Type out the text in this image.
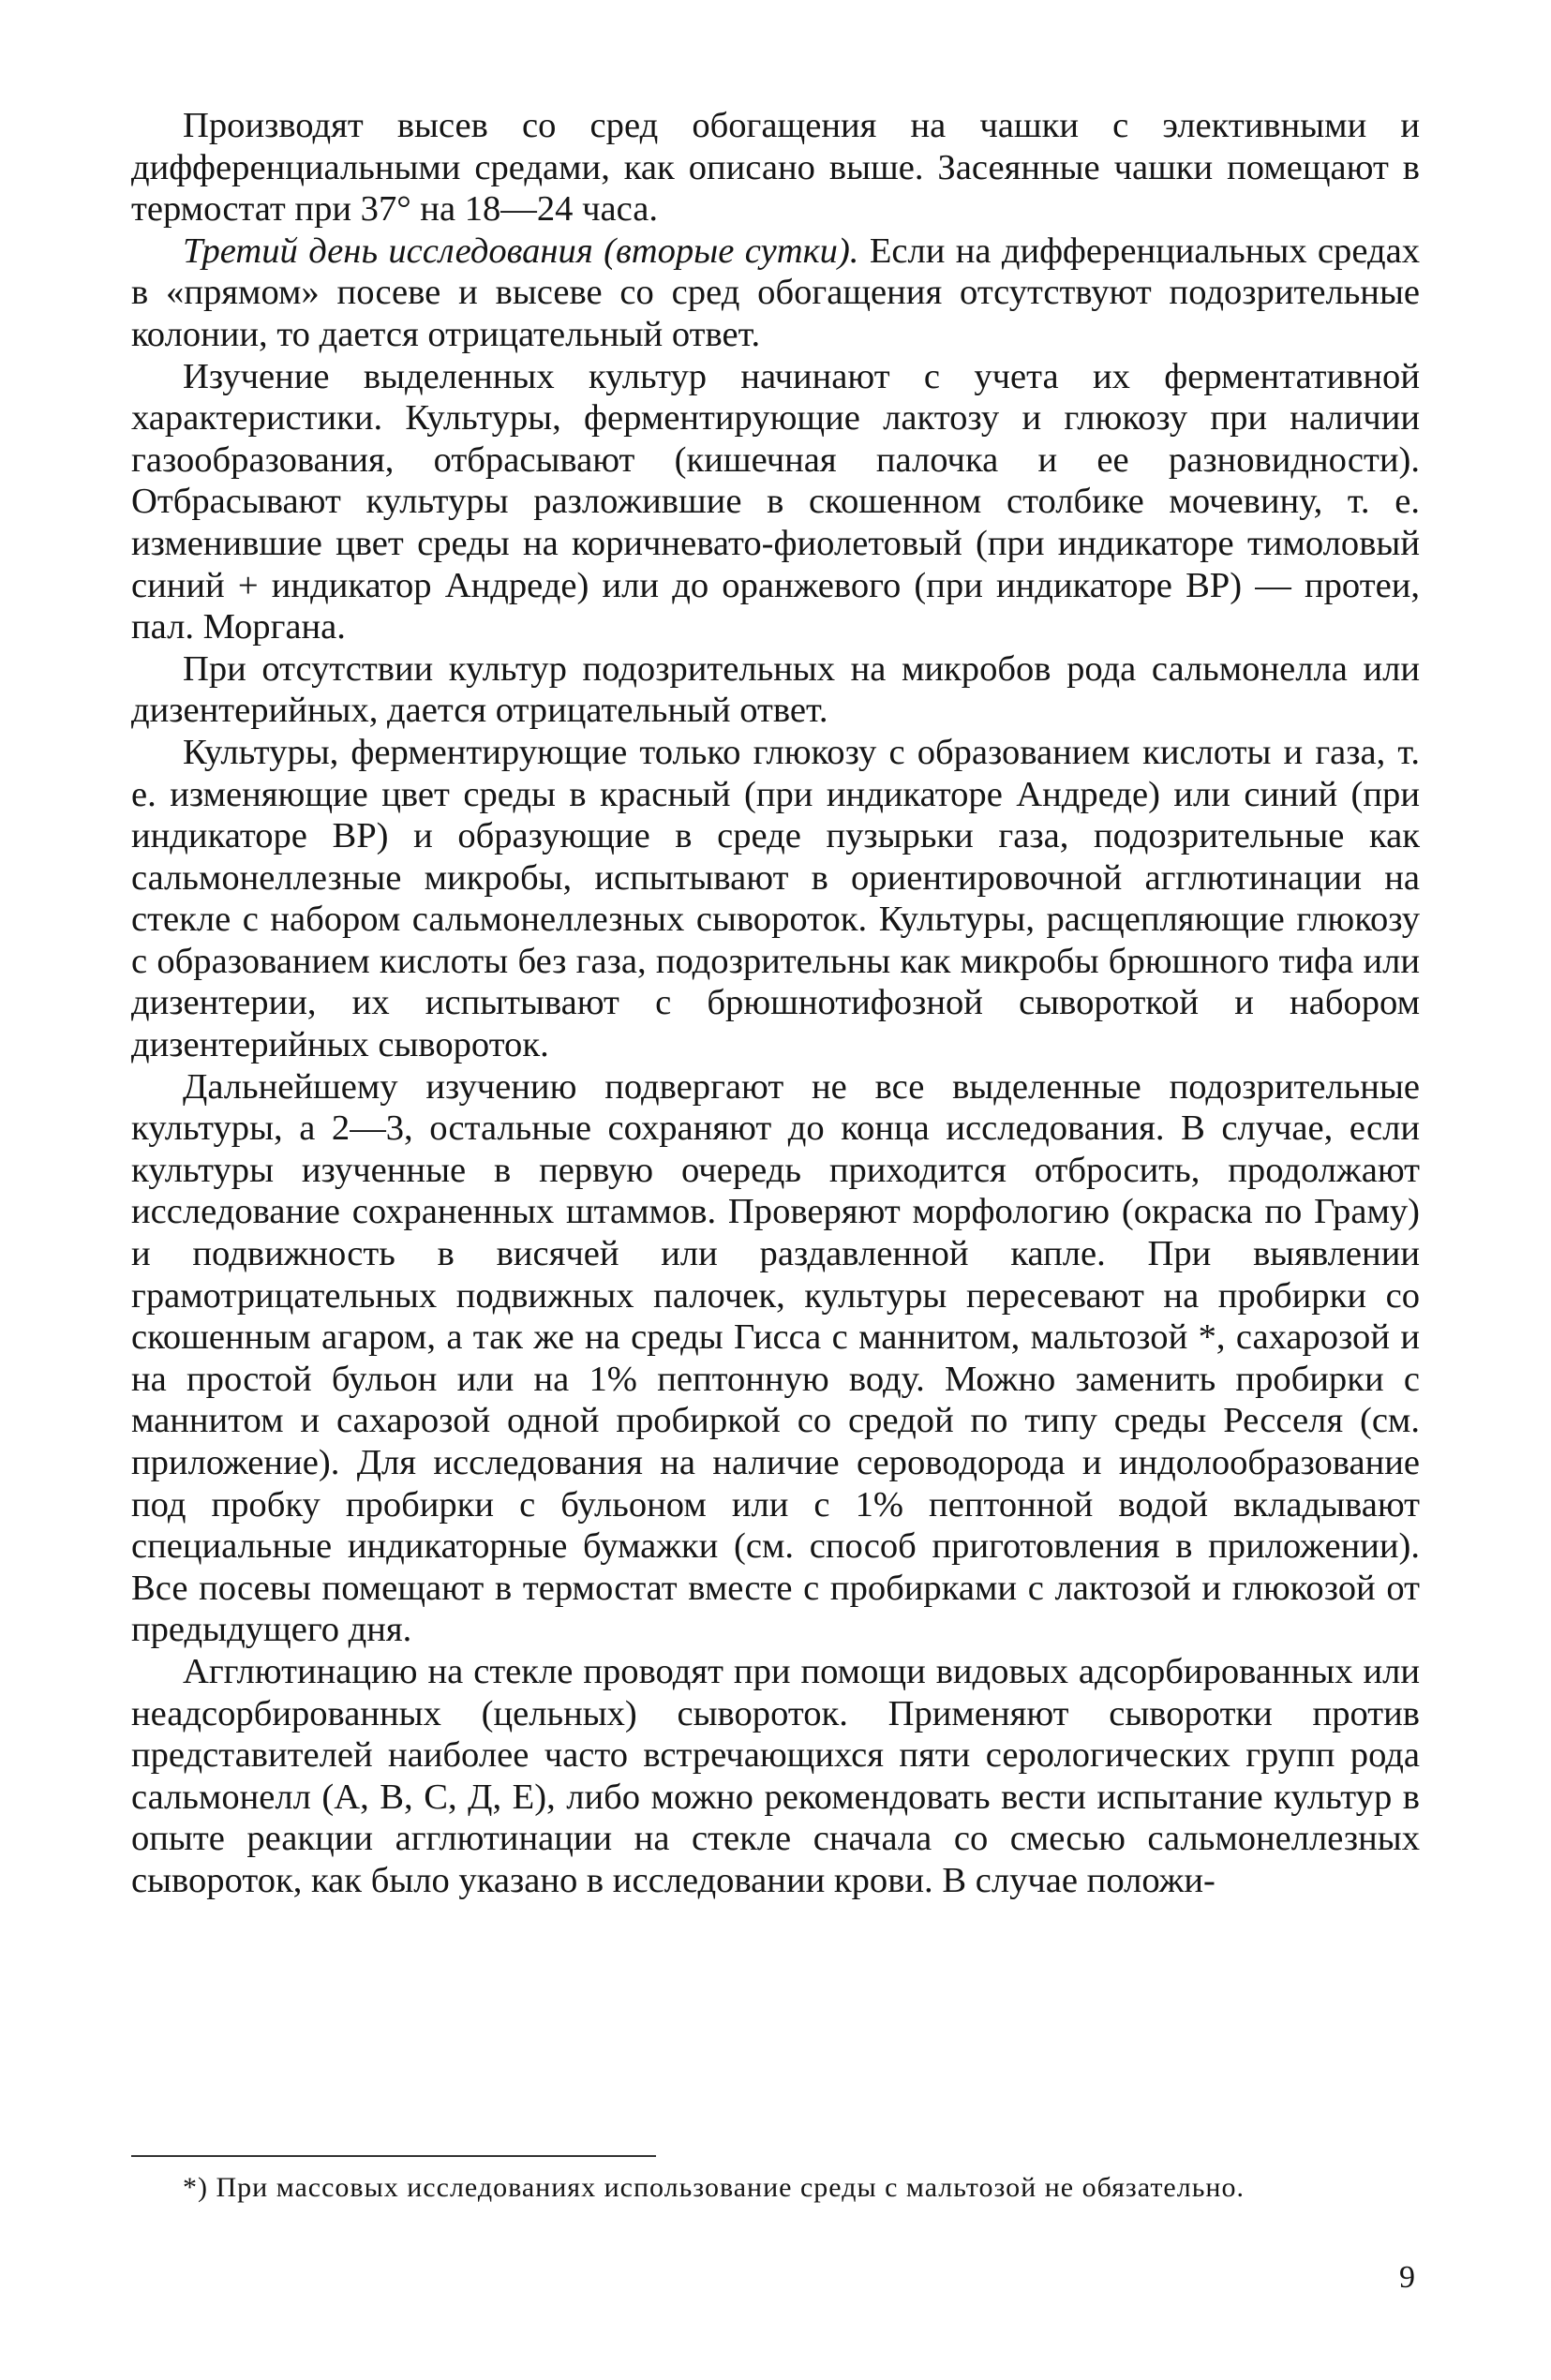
Производят высев со сред обогащения на чашки с элективными и дифференциальными средами, как описано выше. Засеянные чашки помещают в термостат при 37° на 18—24 часа.

Третий день исследования (вторые сутки). Если на дифференциальных средах в «прямом» посеве и высеве со сред обогащения отсутствуют подозрительные колонии, то дается отрицательный ответ.

Изучение выделенных культур начинают с учета их ферментативной характеристики. Культуры, ферментирующие лактозу и глюкозу при наличии газообразования, отбрасывают (кишечная палочка и ее разновидности). Отбрасывают культуры разложившие в скошенном столбике мочевину, т. е. изменившие цвет среды на коричневато-фиолетовый (при индикаторе тимоловый синий + индикатор Андреде) или до оранжевого (при индикаторе ВР) — протеи, пал. Моргана.

При отсутствии культур подозрительных на микробов рода сальмонелла или дизентерийных, дается отрицательный ответ.

Культуры, ферментирующие только глюкозу с образованием кислоты и газа, т. е. изменяющие цвет среды в красный (при индикаторе Андреде) или синий (при индикаторе ВР) и образующие в среде пузырьки газа, подозрительные как сальмонеллезные микробы, испытывают в ориентировочной агглютинации на стекле с набором сальмонеллезных сывороток. Культуры, расщепляющие глюкозу с образованием кислоты без газа, подозрительны как микробы брюшного тифа или дизентерии, их испытывают с брюшнотифозной сывороткой и набором дизентерийных сывороток.

Дальнейшему изучению подвергают не все выделенные подозрительные культуры, а 2—3, остальные сохраняют до конца исследования. В случае, если культуры изученные в первую очередь приходится отбросить, продолжают исследование сохраненных штаммов. Проверяют морфологию (окраска по Граму) и подвижность в висячей или раздавленной капле. При выявлении грамотрицательных подвижных палочек, культуры пересевают на пробирки со скошенным агаром, а так же на среды Гисса с маннитом, мальтозой *, сахарозой и на простой бульон или на 1% пептонную воду. Можно заменить пробирки с маннитом и сахарозой одной пробиркой со средой по типу среды Ресселя (см. приложение). Для исследования на наличие сероводорода и индолообразование под пробку пробирки с бульоном или с 1% пептонной водой вкладывают специальные индикаторные бумажки (см. способ приготовления в приложении). Все посевы помещают в термостат вместе с пробирками с лактозой и глюкозой от предыдущего дня.

Агглютинацию на стекле проводят при помощи видовых адсорбированных или неадсорбированных (цельных) сывороток. Применяют сыворотки против представителей наиболее часто встречающихся пяти серологических групп рода сальмонелл (А, В, С, Д, Е), либо можно рекомендовать вести испытание культур в опыте реакции агглютинации на стекле сначала со смесью сальмонеллезных сывороток, как было указано в исследовании крови. В случае положи-

*) При массовых исследованиях использование среды с мальтозой не обязательно.

9
